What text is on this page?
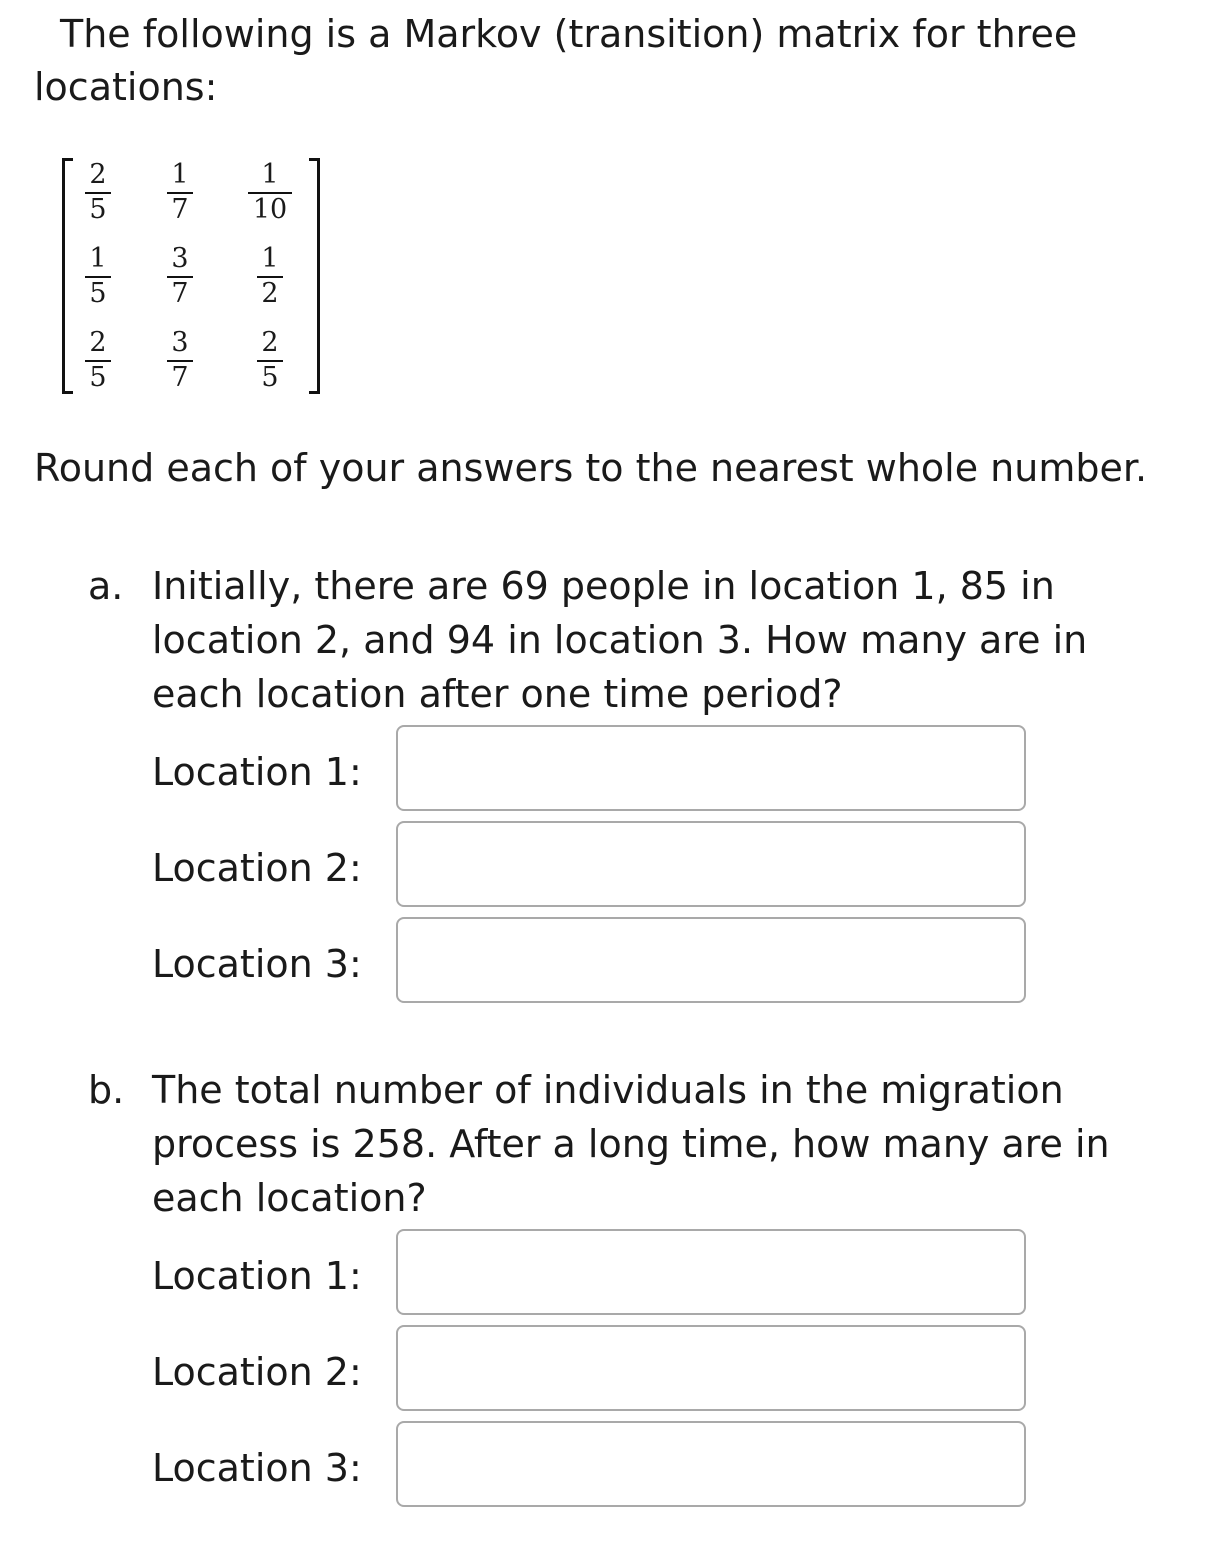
The following is a Markov (transition) matrix for three locations:

$\frac{2}{5} \frac{1}{7} \frac{1}{10}$
$\frac{1}{5} \frac{3}{7} \frac{1}{2}$
$\frac{2}{5} \frac{3}{7} \frac{2}{5}$

Round each of your answers to the nearest whole number.

a. Initially, there are 69 people in location 1, 85 in location 2, and 94 in location 3. How many are in each location after one time period?

Location 1:
Location 2:
Location 3:
b. The total number of individuals in the migration process is 258. After a long time, how many are in each location?

Location 1:
Location 2:
Location 3:
